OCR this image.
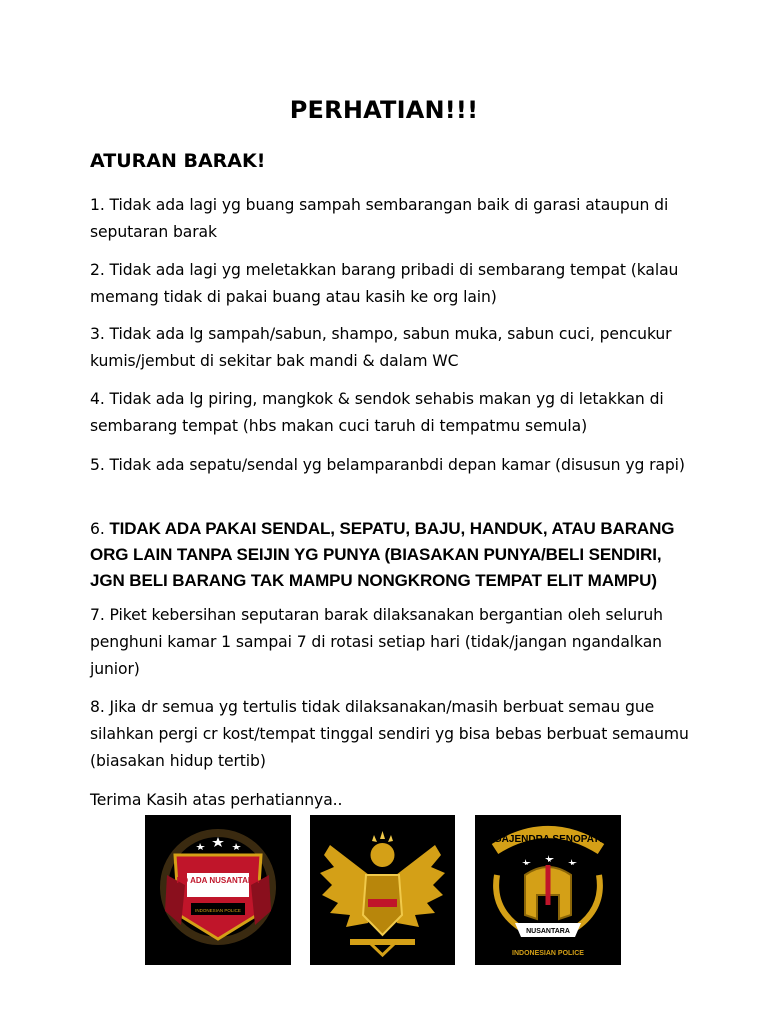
PERHATIAN!!!
ATURAN BARAK!
1. Tidak ada lagi yg buang sampah sembarangan baik di garasi ataupun di seputaran barak
2. Tidak ada lagi yg meletakkan barang pribadi di sembarang tempat (kalau memang tidak di pakai buang atau kasih ke org lain)
3. Tidak ada lg sampah/sabun, shampo, sabun muka, sabun cuci, pencukur kumis/jembut di sekitar bak mandi & dalam WC
4. Tidak ada lg piring, mangkok & sendok sehabis makan yg di letakkan di sembarang tempat (hbs makan cuci taruh di tempatmu semula)
5. Tidak ada sepatu/sendal yg belamparanbdi depan kamar (disusun yg rapi)
6. TIDAK ADA PAKAI SENDAL, SEPATU, BAJU, HANDUK, ATAU BARANG ORG LAIN TANPA SEIJIN YG PUNYA (BIASAKAN PUNYA/BELI SENDIRI, JGN BELI BARANG TAK MAMPU NONGKRONG TEMPAT ELIT MAMPU)
7. Piket kebersihan seputaran barak dilaksanakan bergantian oleh seluruh penghuni kamar 1 sampai 7 di rotasi setiap hari (tidak/jangan ngandalkan junior)
8. Jika dr semua yg tertulis tidak dilaksanakan/masih berbuat semau gue silahkan pergi cr kost/tempat tinggal sendiri yg bisa bebas berbuat semaumu (biasakan hidup tertib)
Terima Kasih atas perhatiannya..
PO ADA NUSANTARA
INDONESIAN POLICE
GAJENDRA SENOPATI
NUSANTARA
INDONESIAN POLICE
